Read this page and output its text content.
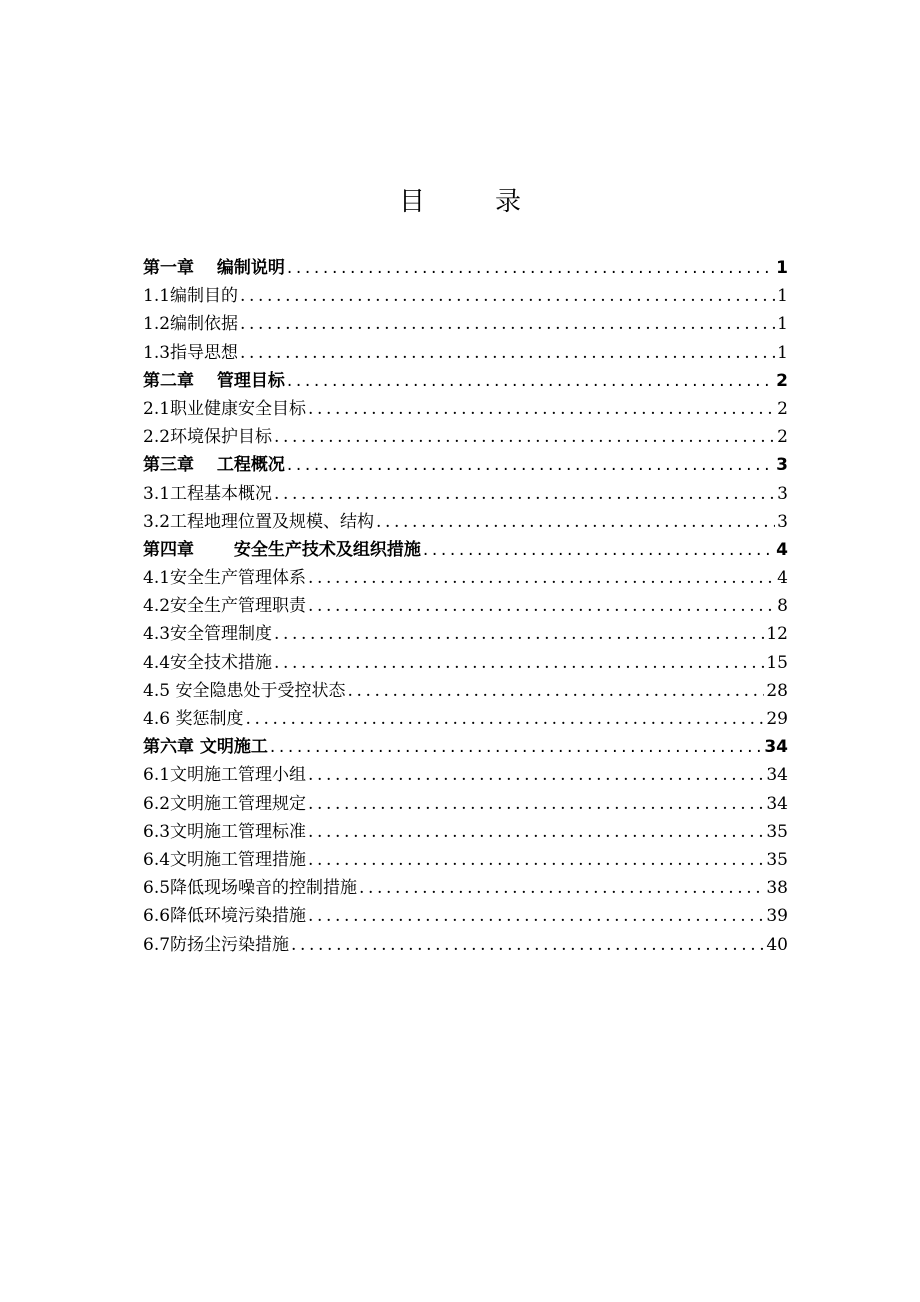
目　录
第一章　 编制说明 .....	1
1.1编制目的 .....	1
1.2编制依据 .....	1
1.3指导思想 .....	1
第二章　 管理目标 .....	2
2.1职业健康安全目标 .....	2
2.2环境保护目标 .....	2
第三章　 工程概况 .....	3
3.1工程基本概况 .....	3
3.2工程地理位置及规模、结构 .....	3
第四章　　 安全生产技术及组织措施 .....	4
4.1安全生产管理体系 .....	4
4.2安全生产管理职责 .....	8
4.3安全管理制度 .....	12
4.4安全技术措施 .....	15
4.5 安全隐患处于受控状态 .....	28
4.6 奖惩制度 .....	29
第六章 文明施工 .....	34
6.1文明施工管理小组 .....	34
6.2文明施工管理规定 .....	34
6.3文明施工管理标准 .....	35
6.4文明施工管理措施 .....	35
6.5降低现场噪音的控制措施 .....	38
6.6降低环境污染措施 .....	39
6.7防扬尘污染措施 .....	40
